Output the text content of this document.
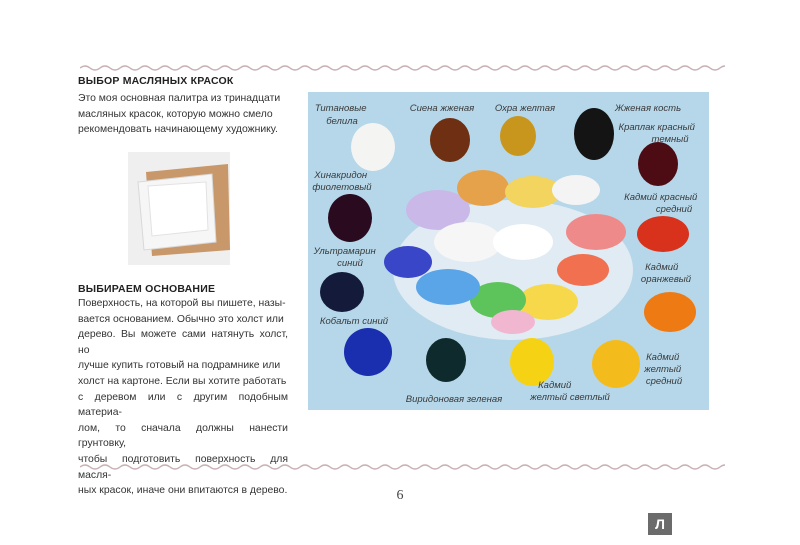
ВЫБОР МАСЛЯНЫХ КРАСОК

Это моя основная палитра из тринадцати
масляных красок, которую можно смело
рекомендовать начинающему художнику.

ВЫБИРАЕМ ОСНОВАНИЕ

Поверхность, на которой вы пишете, назы-
вается основанием. Обычно это холст или
дерево. Вы можете сами натянуть холст, но
лучше купить готовый на подрамнике или
холст на картоне. Если вы хотите работать
с деревом или с другим подобным материа-
лом, то сначала должны нанести грунтовку,
чтобы подготовить поверхность для масля-
ных красок, иначе они впитаются в дерево.

Титановые белила
Сиена жженая Охра желтая	Жженая кость
Краплак красный темный
Хинакридон фиолетовый
Кадмий красный средний
Ультрамарин синий	Кадмий оранжевый
Кобальт синий
Виридоновая зеленая
Кадмий желтый светлый
Кадмий желтый средний
6
Л
